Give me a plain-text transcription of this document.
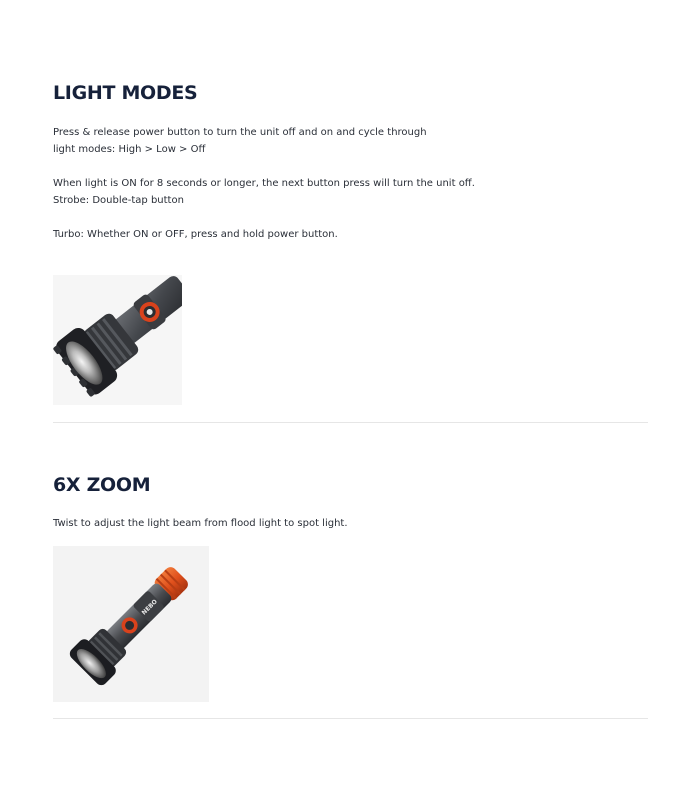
LIGHT MODES

Press & release power button to turn the unit off and on and cycle through

light modes: High > Low > Off

When light is ON for 8 seconds or longer, the next button press will turn the unit off.

Strobe: Double-tap button

Turbo: Whether ON or OFF, press and hold power button.

6X ZOOM

Twist to adjust the light beam from flood light to spot light.

NEBO
